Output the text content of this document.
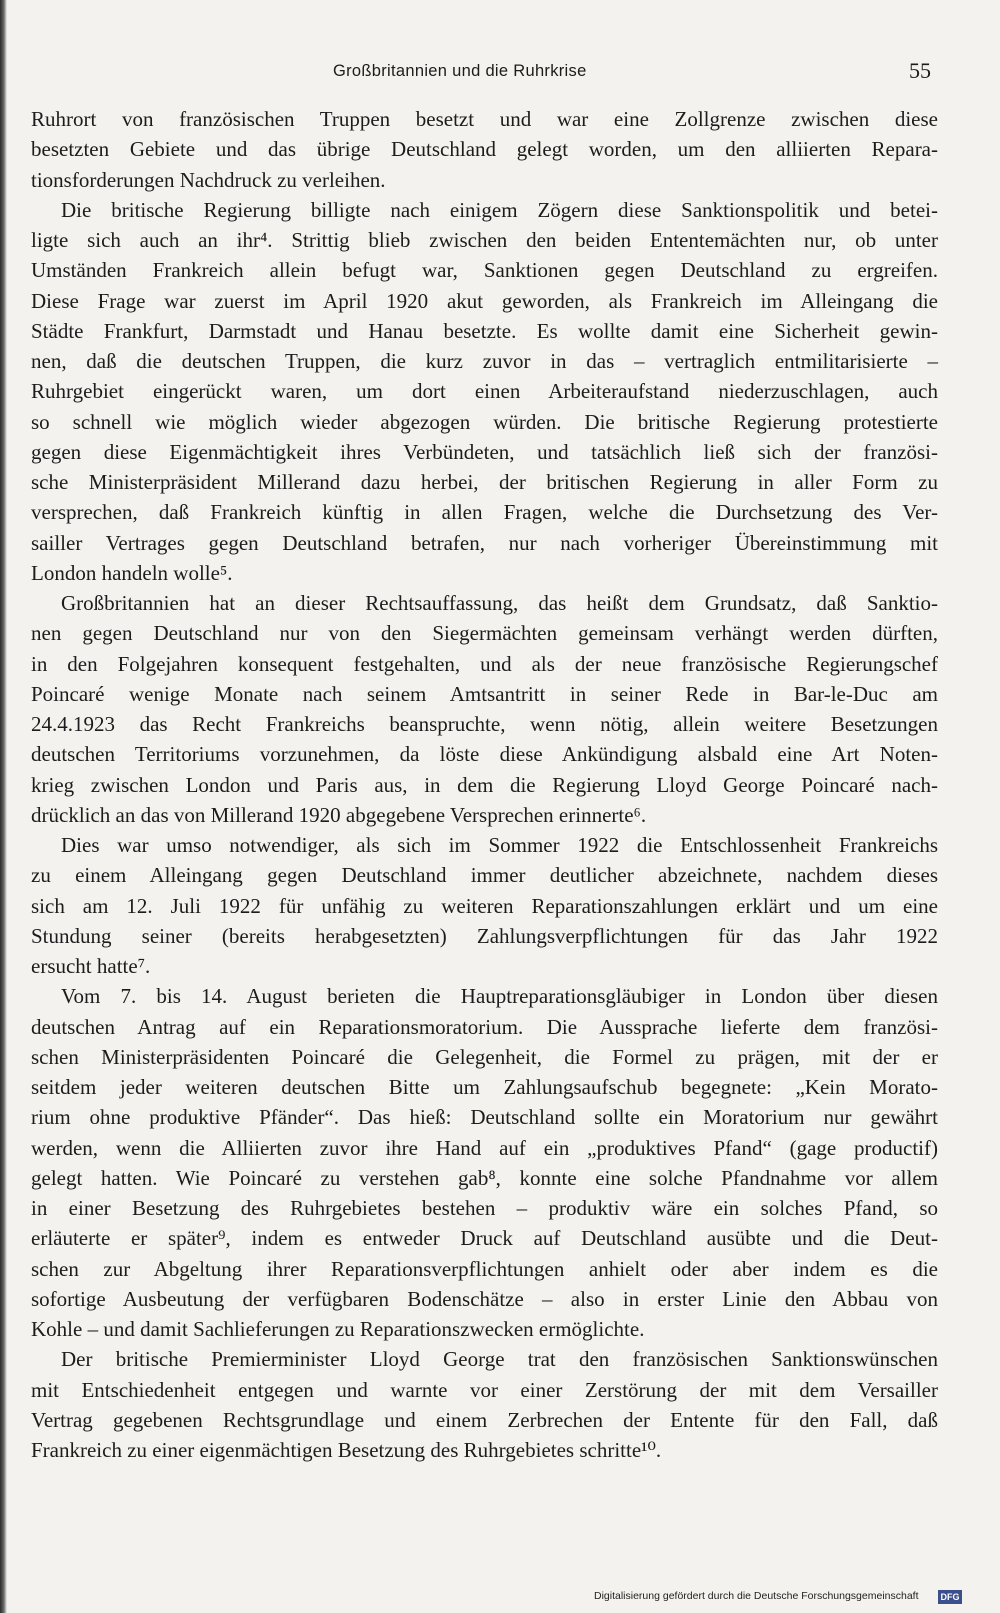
Großbritannien und die Ruhrkrise	55
Ruhrort von französischen Truppen besetzt und war eine Zollgrenze zwischen diese
besetzten Gebiete und das übrige Deutschland gelegt worden, um den alliierten Repara-
tionsforderungen Nachdruck zu verleihen.
Die britische Regierung billigte nach einigem Zögern diese Sanktionspolitik und betei-
ligte sich auch an ihr⁴. Strittig blieb zwischen den beiden Ententemächten nur, ob unter
Umständen Frankreich allein befugt war, Sanktionen gegen Deutschland zu ergreifen.
Diese Frage war zuerst im April 1920 akut geworden, als Frankreich im Alleingang die
Städte Frankfurt, Darmstadt und Hanau besetzte. Es wollte damit eine Sicherheit gewin-
nen, daß die deutschen Truppen, die kurz zuvor in das – vertraglich entmilitarisierte –
Ruhrgebiet eingerückt waren, um dort einen Arbeiteraufstand niederzuschlagen, auch
so schnell wie möglich wieder abgezogen würden. Die britische Regierung protestierte
gegen diese Eigenmächtigkeit ihres Verbündeten, und tatsächlich ließ sich der französi-
sche Ministerpräsident Millerand dazu herbei, der britischen Regierung in aller Form zu
versprechen, daß Frankreich künftig in allen Fragen, welche die Durchsetzung des Ver-
sailler Vertrages gegen Deutschland betrafen, nur nach vorheriger Übereinstimmung mit
London handeln wolle⁵.
Großbritannien hat an dieser Rechtsauffassung, das heißt dem Grundsatz, daß Sanktio-
nen gegen Deutschland nur von den Siegermächten gemeinsam verhängt werden dürften,
in den Folgejahren konsequent festgehalten, und als der neue französische Regierungschef
Poincaré wenige Monate nach seinem Amtsantritt in seiner Rede in Bar-le-Duc am
24.4.1923 das Recht Frankreichs beanspruchte, wenn nötig, allein weitere Besetzungen
deutschen Territoriums vorzunehmen, da löste diese Ankündigung alsbald eine Art Noten-
krieg zwischen London und Paris aus, in dem die Regierung Lloyd George Poincaré nach-
drücklich an das von Millerand 1920 abgegebene Versprechen erinnerte⁶.
Dies war umso notwendiger, als sich im Sommer 1922 die Entschlossenheit Frankreichs
zu einem Alleingang gegen Deutschland immer deutlicher abzeichnete, nachdem dieses
sich am 12. Juli 1922 für unfähig zu weiteren Reparationszahlungen erklärt und um eine
Stundung seiner (bereits herabgesetzten) Zahlungsverpflichtungen für das Jahr 1922
ersucht hatte⁷.
Vom 7. bis 14. August berieten die Hauptreparationsgläubiger in London über diesen
deutschen Antrag auf ein Reparationsmoratorium. Die Aussprache lieferte dem französi-
schen Ministerpräsidenten Poincaré die Gelegenheit, die Formel zu prägen, mit der er
seitdem jeder weiteren deutschen Bitte um Zahlungsaufschub begegnete: „Kein Morato-
rium ohne produktive Pfänder“. Das hieß: Deutschland sollte ein Moratorium nur gewährt
werden, wenn die Alliierten zuvor ihre Hand auf ein „produktives Pfand“ (gage productif)
gelegt hatten. Wie Poincaré zu verstehen gab⁸, konnte eine solche Pfandnahme vor allem
in einer Besetzung des Ruhrgebietes bestehen – produktiv wäre ein solches Pfand, so
erläuterte er später⁹, indem es entweder Druck auf Deutschland ausübte und die Deut-
schen zur Abgeltung ihrer Reparationsverpflichtungen anhielt oder aber indem es die
sofortige Ausbeutung der verfügbaren Bodenschätze – also in erster Linie den Abbau von
Kohle – und damit Sachlieferungen zu Reparationszwecken ermöglichte.
Der britische Premierminister Lloyd George trat den französischen Sanktionswünschen
mit Entschiedenheit entgegen und warnte vor einer Zerstörung der mit dem Versailler
Vertrag gegebenen Rechtsgrundlage und einem Zerbrechen der Entente für den Fall, daß
Frankreich zu einer eigenmächtigen Besetzung des Ruhrgebietes schritte¹⁰.
Digitalisierung gefördert durch die Deutsche Forschungsgemeinschaft DFG
